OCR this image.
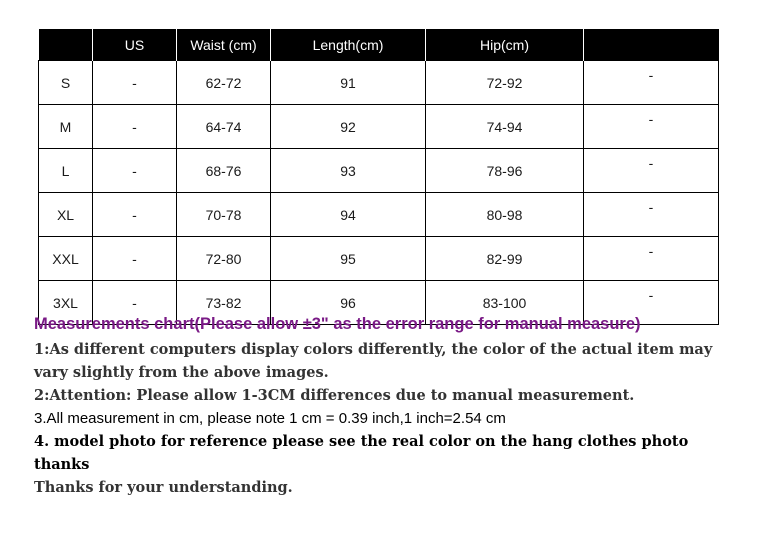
	US	Waist (cm)	Length(cm)	Hip(cm)	
S	-	62-72	91	72-92	-
M	-	64-74	92	74-94	-
L	-	68-76	93	78-96	-
XL	-	70-78	94	80-98	-
XXL	-	72-80	95	82-99	-
3XL	-	73-82	96	83-100	-

Measurements chart(Please allow ±3" as the error range for manual measure)

1:As different computers display colors differently, the color of the actual item may vary slightly from the above images.

2:Attention: Please allow 1-3CM differences due to manual measurement.

3.All measurement in cm, please note 1 cm = 0.39 inch,1 inch=2.54 cm

4. model photo for reference please see the real color on the hang clothes photo thanks

Thanks for your understanding.
